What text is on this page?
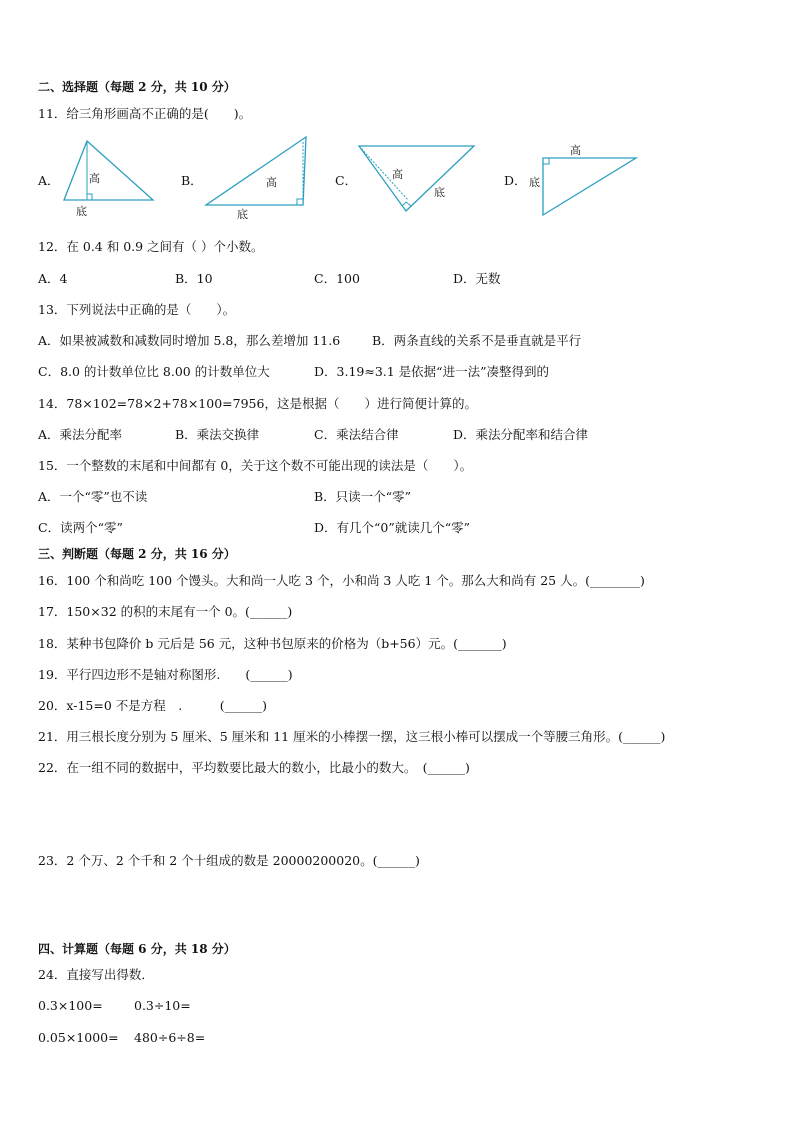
二、选择题（每题 2 分，共 10 分）
11．给三角形画高不正确的是(　　)。
A．	高
底
B．	高
底
C．	高
底
D．
高
底
12．在 0.4 和 0.9 之间有（ ）个小数。
A．4	B．10	C．100	D．无数
13．下列说法中正确的是（　　）。
A．如果被减数和减数同时增加 5.8，那么差增加 11.6	B．两条直线的关系不是垂直就是平行
C．8.0 的计数单位比 8.00 的计数单位大	D．3.19≈3.1 是依据“进一法”凑整得到的
14．78×102=78×2+78×100=7956，这是根据（　　）进行简便计算的。
A．乘法分配率	B．乘法交换律	C．乘法结合律	D．乘法分配率和结合律
15．一个整数的末尾和中间都有 0，关于这个数不可能出现的读法是（　　）。
A．一个“零”也不读	B．只读一个“零”
C．读两个“零”	D．有几个“0”就读几个“零”
三、判断题（每题 2 分，共 16 分）
16．100 个和尚吃 100 个馒头。大和尚一人吃 3 个，小和尚 3 人吃 1 个。那么大和尚有 25 人。(________)
17．150×32 的积的末尾有一个 0。(______)
18．某种书包降价 b 元后是 56 元，这种书包原来的价格为（b+56）元。(_______)
19．平行四边形不是轴对称图形.　　(______)
20．x-15=0 不是方程　.　　　(______)
21．用三根长度分别为 5 厘米、5 厘米和 11 厘米的小棒摆一摆，这三根小棒可以摆成一个等腰三角形。(______)
22．在一组不同的数据中，平均数要比最大的数小，比最小的数大。　(______)
23．2 个万、2 个千和 2 个十组成的数是 20000200020。(______)
四、计算题（每题 6 分，共 18 分）
24．直接写出得数．
0.3×100=	0.3÷10=
0.05×1000= 480÷6÷8=
